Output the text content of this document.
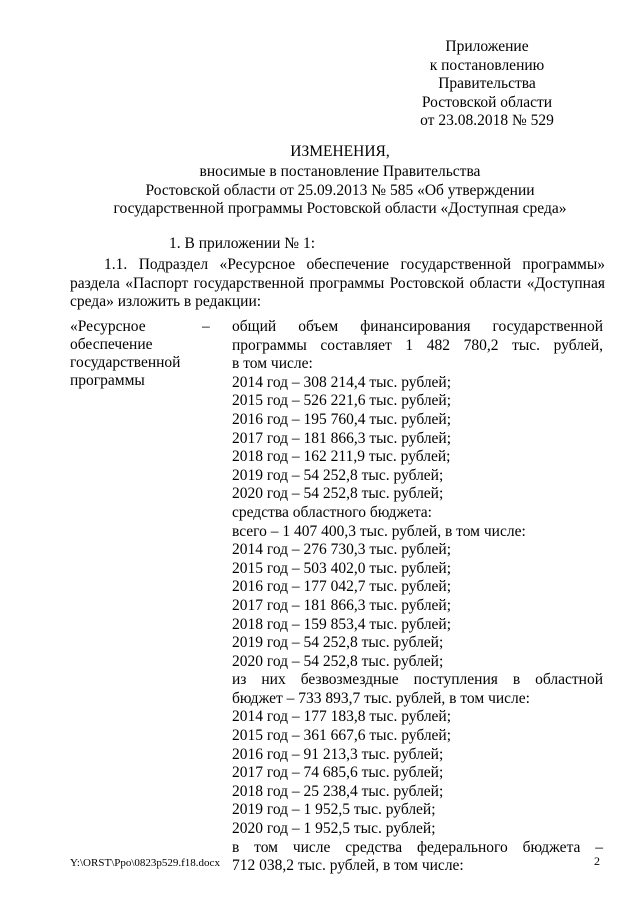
Приложение
к постановлению
Правительства
Ростовской области
от 23.08.2018 № 529
ИЗМЕНЕНИЯ,
вносимые в постановление Правительства
Ростовской области от 25.09.2013 № 585 «Об утверждении
государственной программы Ростовской области «Доступная среда»
1. В приложении № 1:
1.1. Подраздел «Ресурсное обеспечение государственной программы»
раздела «Паспорт государственной программы Ростовской области «Доступная
среда» изложить в редакции:
«Ресурсное
обеспечение
государственной
программы
– общий объем финансирования государственной
программы составляет 1 482 780,2 тыс. рублей,
в том числе:
2014 год – 308 214,4 тыс. рублей;
2015 год – 526 221,6 тыс. рублей;
2016 год – 195 760,4 тыс. рублей;
2017 год – 181 866,3 тыс. рублей;
2018 год – 162 211,9 тыс. рублей;
2019 год – 54 252,8 тыс. рублей;
2020 год – 54 252,8 тыс. рублей;
средства областного бюджета:
всего – 1 407 400,3 тыс. рублей, в том числе:
2014 год – 276 730,3 тыс. рублей;
2015 год – 503 402,0 тыс. рублей;
2016 год – 177 042,7 тыс. рублей;
2017 год – 181 866,3 тыс. рублей;
2018 год – 159 853,4 тыс. рублей;
2019 год – 54 252,8 тыс. рублей;
2020 год – 54 252,8 тыс. рублей;
из них безвозмездные поступления в областной
бюджет – 733 893,7 тыс. рублей, в том числе:
2014 год – 177 183,8 тыс. рублей;
2015 год – 361 667,6 тыс. рублей;
2016 год – 91 213,3 тыс. рублей;
2017 год – 74 685,6 тыс. рублей;
2018 год – 25 238,4 тыс. рублей;
2019 год – 1 952,5 тыс. рублей;
2020 год – 1 952,5 тыс. рублей;
в том числе средства федерального бюджета –
712 038,2 тыс. рублей, в том числе:
Y:\ORST\Ppo\0823p529.f18.docx	2
